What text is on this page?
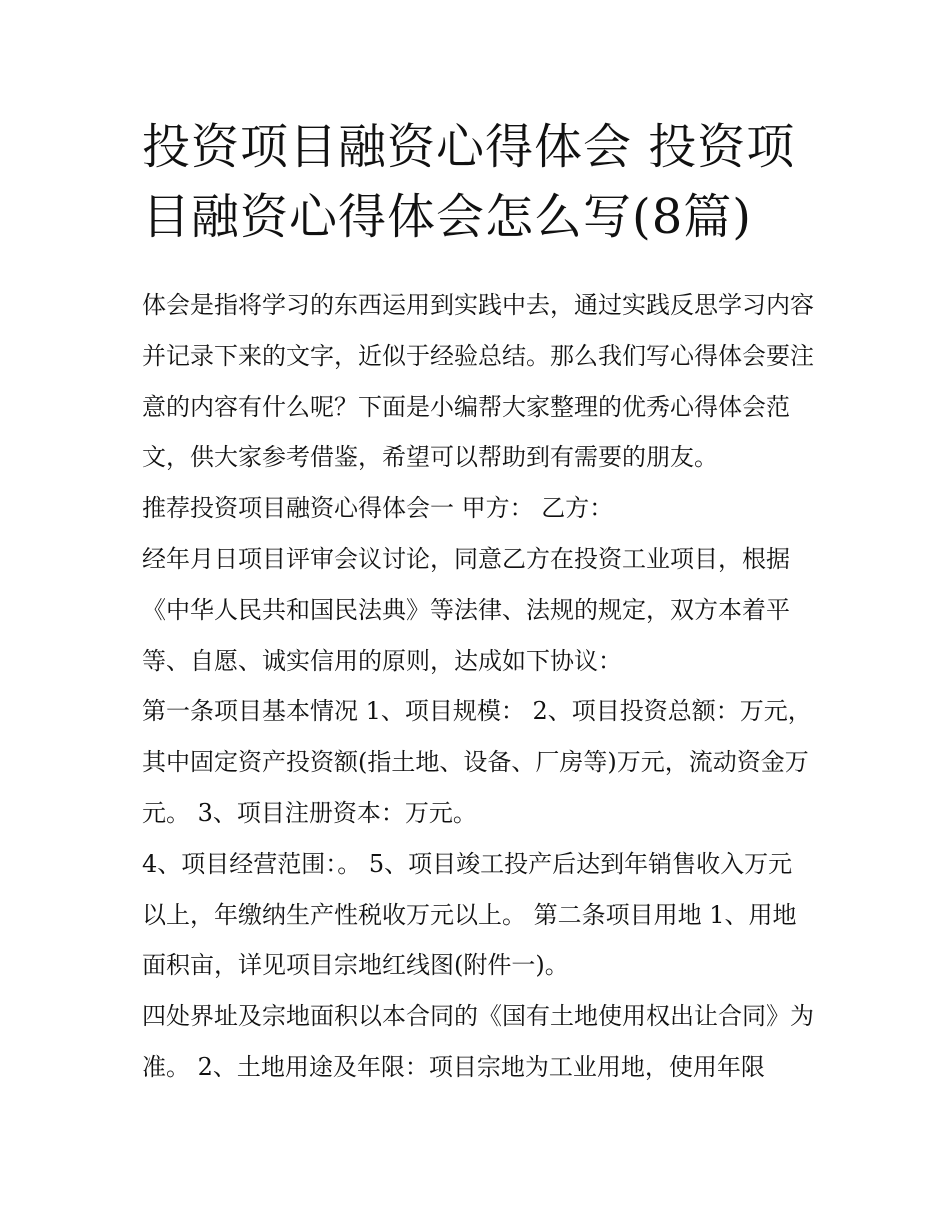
投资项目融资心得体会 投资项目融资心得体会怎么写(8篇)

体会是指将学习的东西运用到实践中去，通过实践反思学习内容并记录下来的文字，近似于经验总结。那么我们写心得体会要注意的内容有什么呢？下面是小编帮大家整理的优秀心得体会范文，供大家参考借鉴，希望可以帮助到有需要的朋友。

推荐投资项目融资心得体会一 甲方： 乙方：

经年月日项目评审会议讨论，同意乙方在投资工业项目，根据《中华人民共和国民法典》等法律、法规的规定，双方本着平等、自愿、诚实信用的原则，达成如下协议：

第一条项目基本情况 1、项目规模： 2、项目投资总额：万元，其中固定资产投资额(指土地、设备、厂房等)万元，流动资金万元。 3、项目注册资本：万元。

4、项目经营范围：。 5、项目竣工投产后达到年销售收入万元以上，年缴纳生产性税收万元以上。 第二条项目用地 1、用地面积亩，详见项目宗地红线图(附件一)。

四处界址及宗地面积以本合同的《国有土地使用权出让合同》为准。 2、土地用途及年限：项目宗地为工业用地，使用年限
